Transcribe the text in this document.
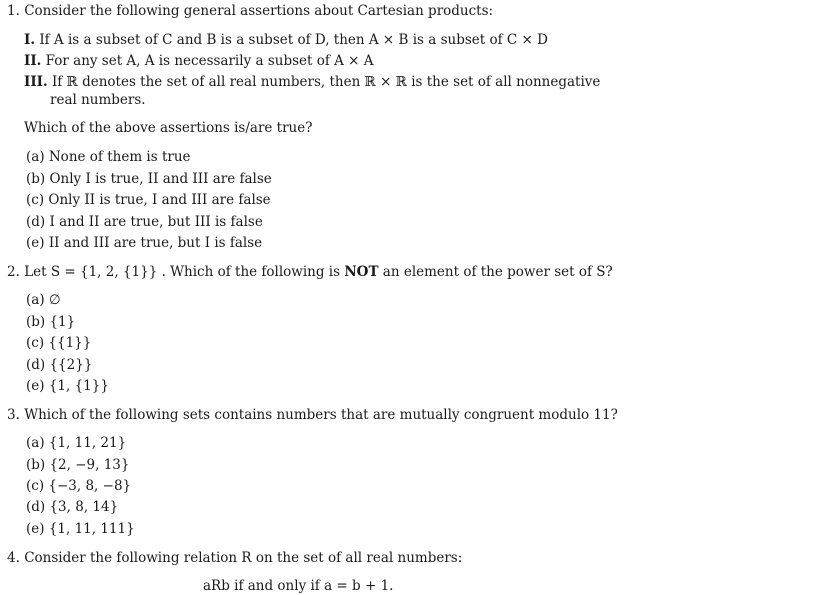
1. Consider the following general assertions about Cartesian products:
I. If A is a subset of C and B is a subset of D, then A × B is a subset of C × D
II. For any set A, A is necessarily a subset of A × A
III. If ℝ denotes the set of all real numbers, then ℝ × ℝ is the set of all nonnegative
real numbers.
Which of the above assertions is/are true?
(a) None of them is true
(b) Only I is true, II and III are false
(c) Only II is true, I and III are false
(d) I and II are true, but III is false
(e) II and III are true, but I is false
2. Let S = {1, 2, {1}} . Which of the following is NOT an element of the power set of S?
(a) ∅
(b) {1}
(c) {{1}}
(d) {{2}}
(e) {1, {1}}
3. Which of the following sets contains numbers that are mutually congruent modulo 11?
(a) {1, 11, 21}
(b) {2, −9, 13}
(c) {−3, 8, −8}
(d) {3, 8, 14}
(e) {1, 11, 111}
4. Consider the following relation R on the set of all real numbers:
aRb if and only if a = b + 1.
